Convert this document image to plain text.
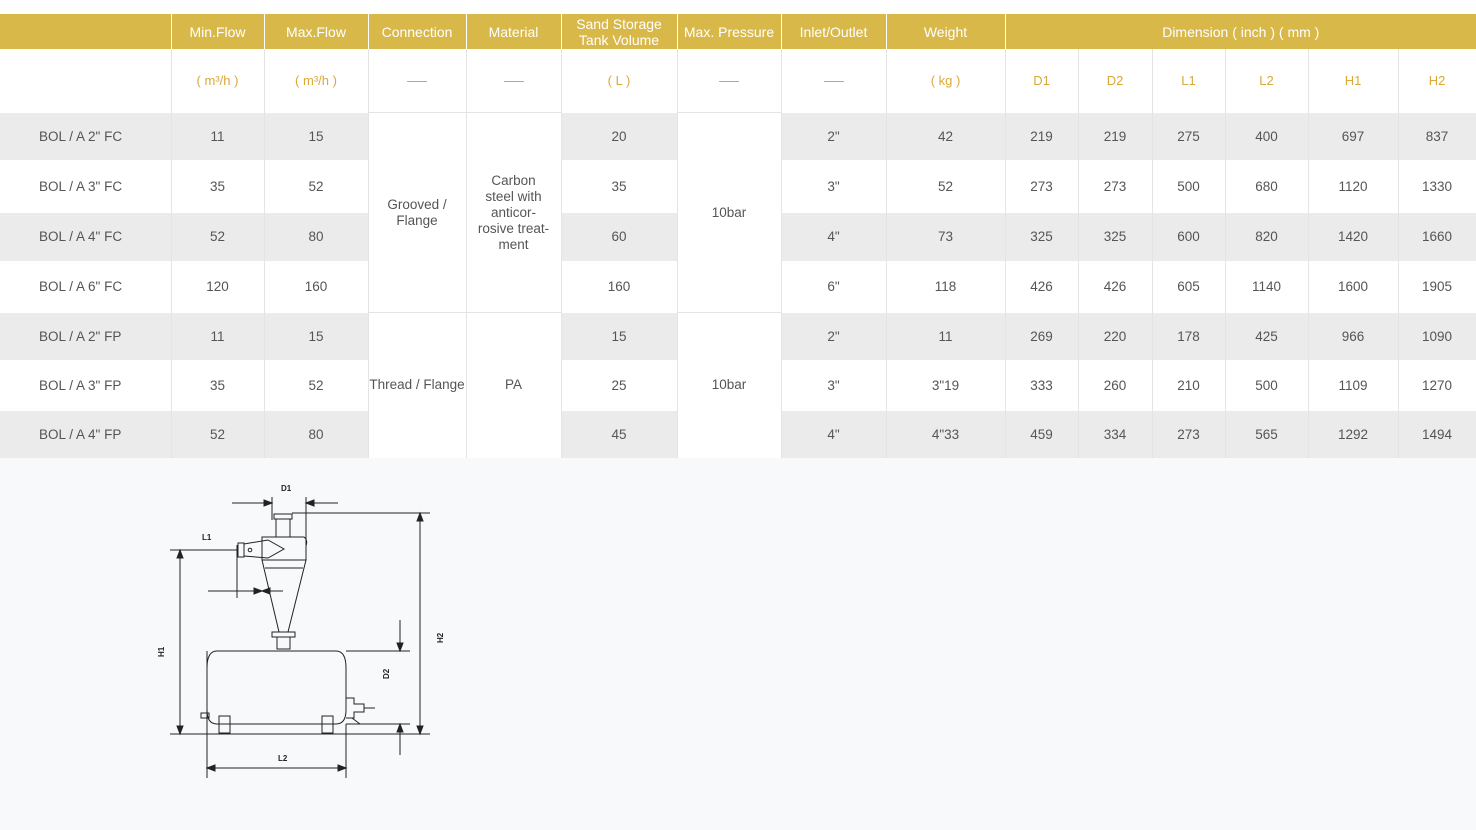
	Min.Flow	Max.Flow	Connection	Material	Sand Storage Tank Volume	Max. Pressure	Inlet/Outlet	Weight	Dimension ( inch ) ( mm )					
	( m³/h )	( m³/h )			( L )			( kg )	D1	D2	L1	L2	H1	H2
BOL / A 2" FC	11	15	Grooved / Flange	Carbon steel with anticor-rosive treat-ment	20	10bar	2"	42	219	219	275	400	697	837
BOL / A 3" FC	35	52			35		3"	52	273	273	500	680	1120	1330
BOL / A 4" FC	52	80			60		4"	73	325	325	600	820	1420	1660
BOL / A 6" FC	120	160			160		6"	118	426	426	605	1140	1600	1905
BOL / A 2" FP	11	15	Thread / Flange	PA	15	10bar	2"	11	269	220	178	425	966	1090
BOL / A 3" FP	35	52			25		3"	3"19	333	260	210	500	1109	1270
BOL / A 4" FP	52	80			45		4"	4"33	459	334	273	565	1292	1494
D1
L1
H1
H2
D2
L2
